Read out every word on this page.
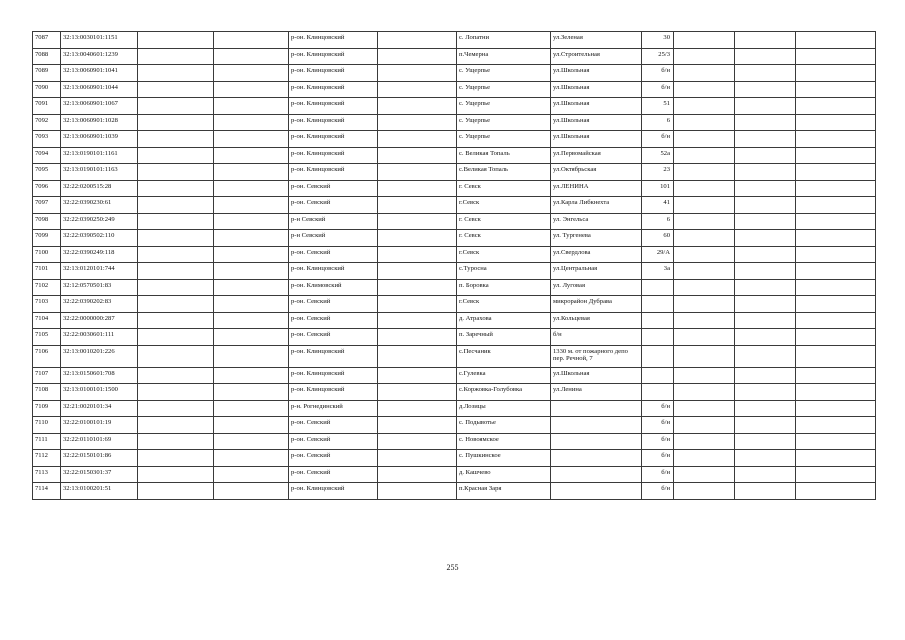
7087	32:13:0030101:1151			р-он. Клинцовский		с. Лопатни	ул.Зеленая	30			
7088	32:13:0040601:1239			р-он. Клинцовский		п.Чемерна	ул.Строительная	25/3			
7089	32:13:0060901:1041			р-он. Клинцовский		с. Ущерпье	ул.Школьная	б/н			
7090	32:13:0060901:1044			р-он. Клинцовский		с. Ущерпье	ул.Школьная	б/н			
7091	32:13:0060901:1067			р-он. Клинцовский		с. Ущерпье	ул.Школьная	51			
7092	32:13:0060901:1028			р-он. Клинцовский		с. Ущерпье	ул.Школьная	6			
7093	32:13:0060901:1039			р-он. Клинцовский		с. Ущерпье	ул.Школьная	б/н			
7094	32:13:0190101:1161			р-он. Клинцовский		с. Великая Топаль	ул.Первомайская	52а			
7095	32:13:0190101:1163			р-он. Клинцовский		с.Великая Топаль	ул.Октябрьская	23			
7096	32:22:0200515:28			р-он. Севский		г. Севск	ул.ЛЕНИНА	101			
7097	32:22:0390230:61			р-он. Севский		г.Севск	ул.Карла Либкнехта	41			
7098	32:22:0390250:249			р-н Севский		г. Севск	ул. Энгельса	6			
7099	32:22:0390502:110			р-н Севский		г. Севск	ул. Тургенева	60			
7100	32:22:0390249:118			р-он. Севский		г.Севск	ул.Свердлова	29/А			
7101	32:13:0120101:744			р-он. Клинцовский		с.Туросна	ул.Центральная	3а			
7102	32:12:0570501:83			р-он. Климовский		п. Боровка	ул. Луговая				
7103	32:22:0390202:83			р-он. Севский		г.Севск	микрорайон Дубрава				
7104	32:22:0000000:287			р-он. Севский		д. Атрахова	ул.Кольцевая				
7105	32:22:0030601:111			р-он. Севский		п. Заречный	б/н				
7106	32:13:0010201:226			р-он. Клинцовский		с.Песчаник	1330 м. от пожарного депо пер. Речной, 7				
7107	32:13:0150601:708			р-он. Клинцовский		с.Гулевка	ул.Школьная				
7108	32:13:0100101:1500			р-он. Клинцовский		с.Коржовка-Голубовка	ул.Ленина				
7109	32:21:0020101:34			р-н. Рогнединский		д.Лозицы		б/н			
7110	32:22:0100101:19			р-он. Севский		с. Подывотье		б/н			
7111	32:22:0110101:69			р-он. Севский		с. Новоямское		б/н			
7112	32:22:0150101:86			р-он. Севский		с. Пушкинское		б/н			
7113	32:22:0150301:37			р-он. Севский		д. Кашчево		б/н			
7114	32:13:0100201:51			р-он. Клинцовский		п.Красная Заря		б/н			
255
